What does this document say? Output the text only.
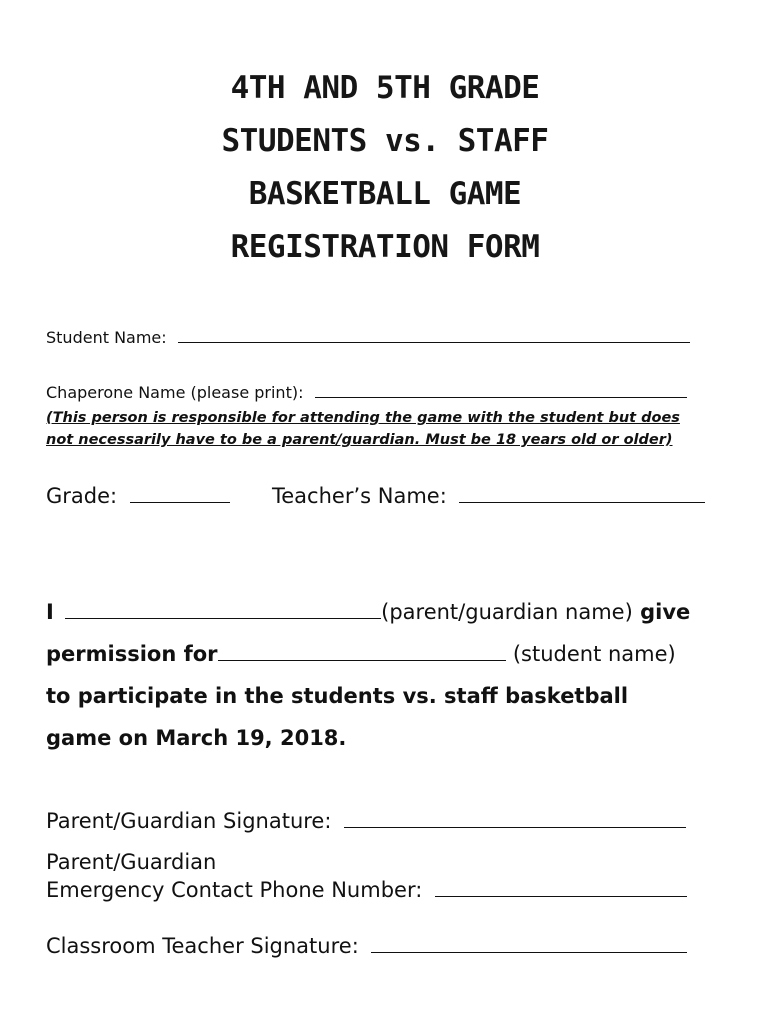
4TH AND 5TH GRADE
STUDENTS vs. STAFF
BASKETBALL GAME
REGISTRATION FORM
Student Name:
Chaperone Name (please print):
(This person is responsible for attending the game with the student but does
not necessarily have to be a parent/guardian. Must be 18 years old or older)
Grade:	Teacher’s Name:
I	(parent/guardian name) give
permission for	(student name)
to participate in the students vs. staff basketball
game on March 19, 2018.
Parent/Guardian Signature:
Parent/Guardian
Emergency Contact Phone Number:
Classroom Teacher Signature:
